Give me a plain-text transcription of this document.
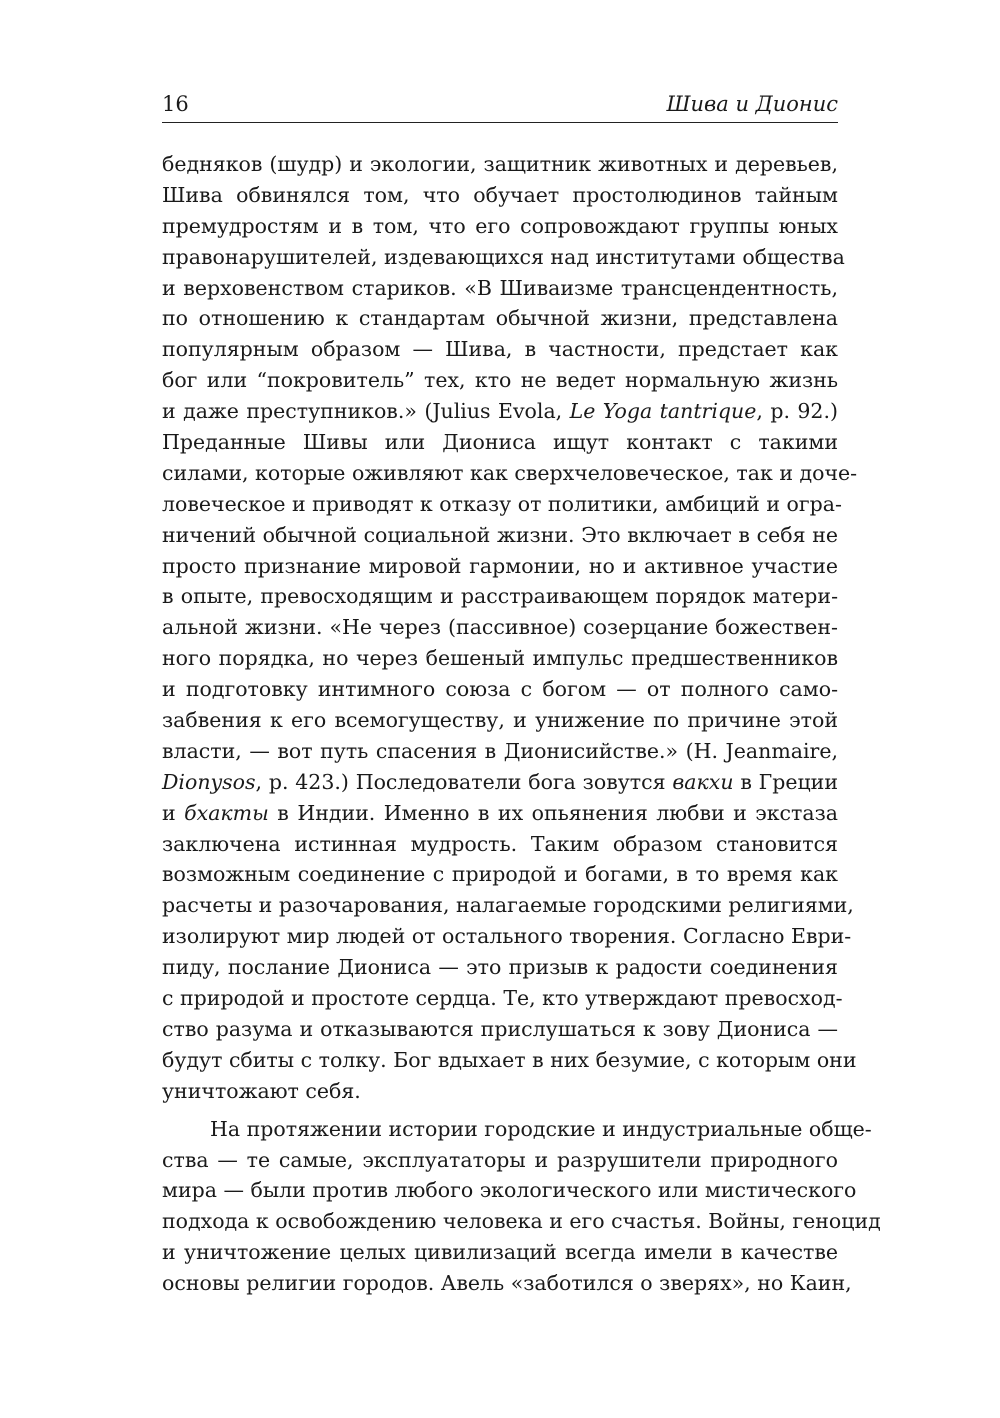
16	Шива и Дионис
бедняков (шудр) и экологии, защитник животных и деревьев,
Шива обвинялся том, что обучает простолюдинов тайным
премудростям и в том, что его сопровождают группы юных
правонарушителей, издевающихся над институтами общества
и верховенством стариков. «В Шиваизме трансцендентность,
по отношению к стандартам обычной жизни, представлена
популярным образом — Шива, в частности, предстает как
бог или “покровитель” тех, кто не ведет нормальную жизнь
и даже преступников.» (Julius Evola, Le Yoga tantrique, p. 92.)
Преданные Шивы или Диониса ищут контакт с такими
силами, которые оживляют как сверхчеловеческое, так и доче-
ловеческое и приводят к отказу от политики, амбиций и огра-
ничений обычной социальной жизни. Это включает в себя не
просто признание мировой гармонии, но и активное участие
в опыте, превосходящим и расстраивающем порядок матери-
альной жизни. «Не через (пассивное) созерцание божествен-
ного порядка, но через бешеный импульс предшественников
и подготовку интимного союза с богом — от полного само-
забвения к его всемогуществу, и унижение по причине этой
власти, — вот путь спасения в Дионисийстве.» (H. Jeanmaire,
Dionysos, p. 423.) Последователи бога зовутся вакхи в Греции
и бхакты в Индии. Именно в их опьянения любви и экстаза
заключена истинная мудрость. Таким образом становится
возможным соединение с природой и богами, в то время как
расчеты и разочарования, налагаемые городскими религиями,
изолируют мир людей от остального творения. Согласно Еври-
пиду, послание Диониса — это призыв к радости соединения
с природой и простоте сердца. Те, кто утверждают превосход-
ство разума и отказываются прислушаться к зову Диониса —
будут сбиты с толку. Бог вдыхает в них безумие, с которым они
уничтожают себя.
На протяжении истории городские и индустриальные обще-
ства — те самые, эксплуататоры и разрушители природного
мира — были против любого экологического или мистического
подхода к освобождению человека и его счастья. Войны, геноцид
и уничтожение целых цивилизаций всегда имели в качестве
основы религии городов. Авель «заботился о зверях», но Каин,
